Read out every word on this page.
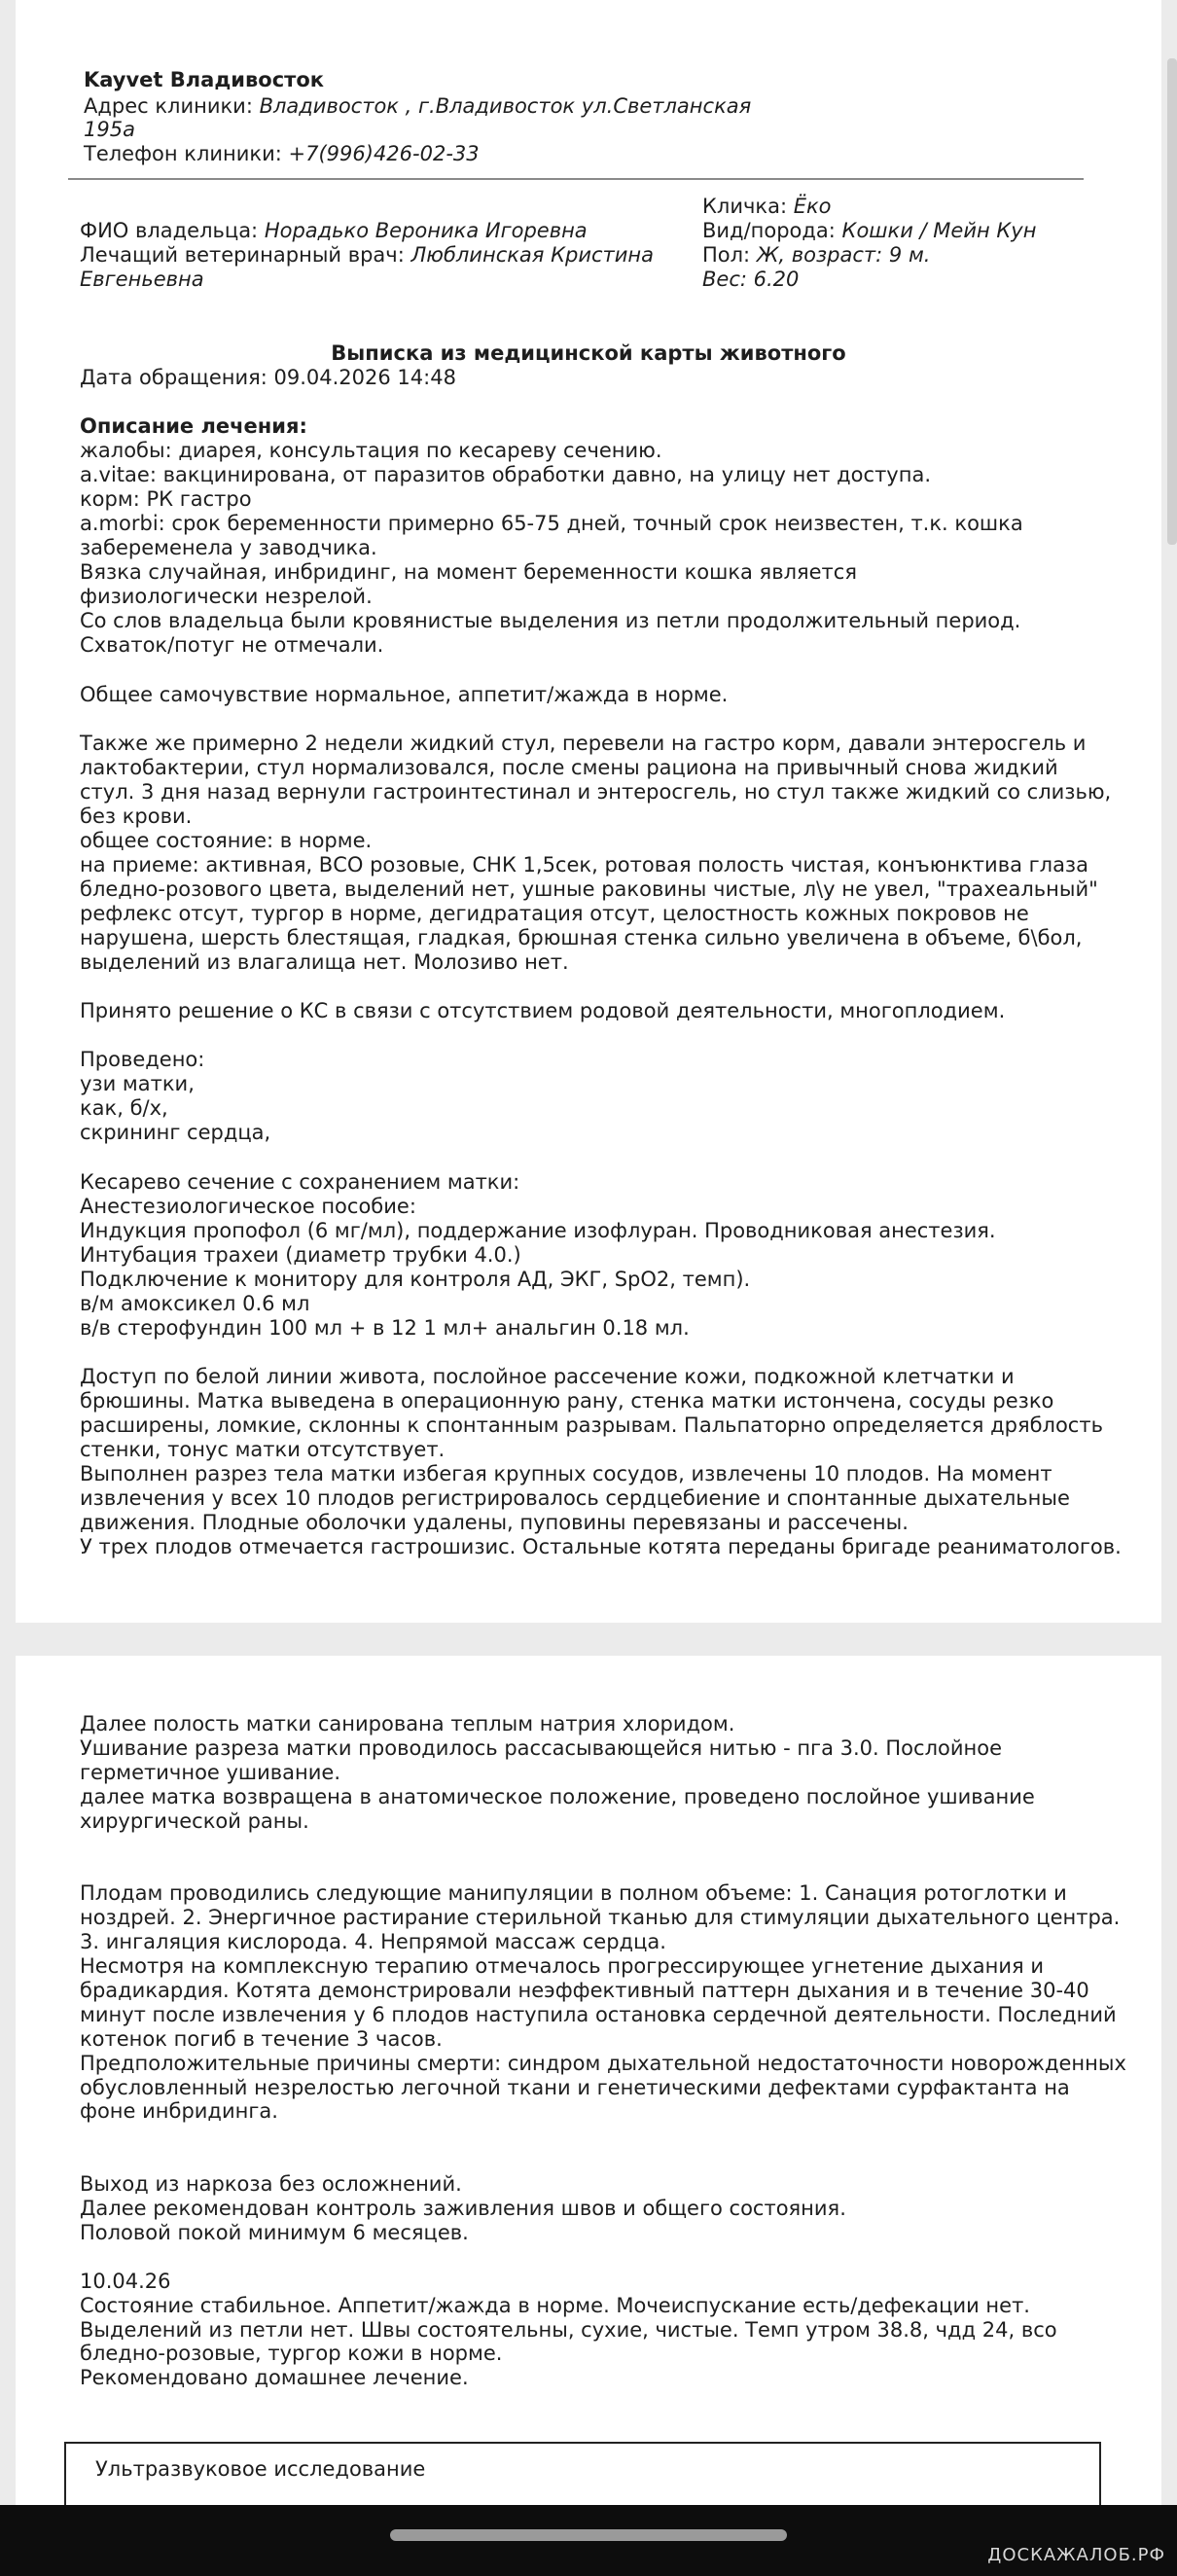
Kayvet Владивосток

Адрес клиники: Владивосток , г.Владивосток ул.Светланская

195а

Телефон клиники: +7(996)426-02-33

Кличка: Ёко

Вид/порода: Кошки / Мейн Кун

Пол: Ж, возраст: 9 м.

Вес: 6.20

ФИО владельца: Норадько Вероника Игоревна

Лечащий ветеринарный врач: Люблинская Кристина

Евгеньевна

Выписка из медицинской карты животного

Дата обращения: 09.04.2026 14:48

Описание лечения:

жалобы: диарея, консультация по кесареву сечению.

a.vitae: вакцинирована, от паразитов обработки давно, на улицу нет доступа.

корм: РК гастро

a.morbi: срок беременности примерно 65-75 дней, точный срок неизвестен, т.к. кошка

забеременела у заводчика.

Вязка случайная, инбридинг, на момент беременности кошка является

физиологически незрелой.

Со слов владельца были кровянистые выделения из петли продолжительный период.

Схваток/потуг не отмечали.

Общее самочувствие нормальное, аппетит/жажда в норме.

Также же примерно 2 недели жидкий стул, перевели на гастро корм, давали энтеросгель и

лактобактерии, стул нормализовался, после смены рациона на привычный снова жидкий

стул. 3 дня назад вернули гастроинтестинал и энтеросгель, но стул также жидкий со слизью,

без крови.

общее состояние: в норме.

на приеме: активная, ВСО розовые, СНК 1,5сек, ротовая полость чистая, конъюнктива глаза

бледно-розового цвета, выделений нет, ушные раковины чистые, л\у не увел, "трахеальный"

рефлекс отсут, тургор в норме, дегидратация отсут, целостность кожных покровов не

нарушена, шерсть блестящая, гладкая, брюшная стенка сильно увеличена в объеме, б\бол,

выделений из влагалища нет. Молозиво нет.

Принято решение о КС в связи с отсутствием родовой деятельности, многоплодием.

Проведено:

узи матки,

как, б/х,

скрининг сердца,

Кесарево сечение с сохранением матки:

Анестезиологическое пособие:

Индукция пропофол (6 мг/мл), поддержание изофлуран. Проводниковая анестезия.

Интубация трахеи (диаметр трубки 4.0.)

Подключение к монитору для контроля АД, ЭКГ, SpO2, темп).

в/м амоксикел 0.6 мл

в/в стерофундин 100 мл + в 12 1 мл+ анальгин 0.18 мл.

Доступ по белой линии живота, послойное рассечение кожи, подкожной клетчатки и

брюшины. Матка выведена в операционную рану, стенка матки истончена, сосуды резко

расширены, ломкие, склонны к спонтанным разрывам. Пальпаторно определяется дряблость

стенки, тонус матки отсутствует.

Выполнен разрез тела матки избегая крупных сосудов, извлечены 10 плодов. На момент

извлечения у всех 10 плодов регистрировалось сердцебиение и спонтанные дыхательные

движения. Плодные оболочки удалены, пуповины перевязаны и рассечены.

У трех плодов отмечается гастрошизис. Остальные котята переданы бригаде реаниматологов.

Далее полость матки санирована теплым натрия хлоридом.

Ушивание разреза матки проводилось рассасывающейся нитью - пга 3.0. Послойное

герметичное ушивание.

далее матка возвращена в анатомическое положение, проведено послойное ушивание

хирургической раны.

Плодам проводились следующие манипуляции в полном объеме: 1. Санация ротоглотки и

ноздрей. 2. Энергичное растирание стерильной тканью для стимуляции дыхательного центра.

3. ингаляция кислорода. 4. Непрямой массаж сердца.

Несмотря на комплексную терапию отмечалось прогрессирующее угнетение дыхания и

брадикардия. Котята демонстрировали неэффективный паттерн дыхания и в течение 30-40

минут после извлечения у 6 плодов наступила остановка сердечной деятельности. Последний

котенок погиб в течение 3 часов.

Предположительные причины смерти: синдром дыхательной недостаточности новорожденных

обусловленный незрелостью легочной ткани и генетическими дефектами сурфактанта на

фоне инбридинга.

Выход из наркоза без осложнений.

Далее рекомендован контроль заживления швов и общего состояния.

Половой покой минимум 6 месяцев.

10.04.26

Состояние стабильное. Аппетит/жажда в норме. Мочеиспускание есть/дефекации нет.

Выделений из петли нет. Швы состоятельны, сухие, чистые. Темп утром 38.8, чдд 24, всо

бледно-розовые, тургор кожи в норме.

Рекомендовано домашнее лечение.

Ультразвуковое исследование

ДОСКАЖАЛОБ.РФ
